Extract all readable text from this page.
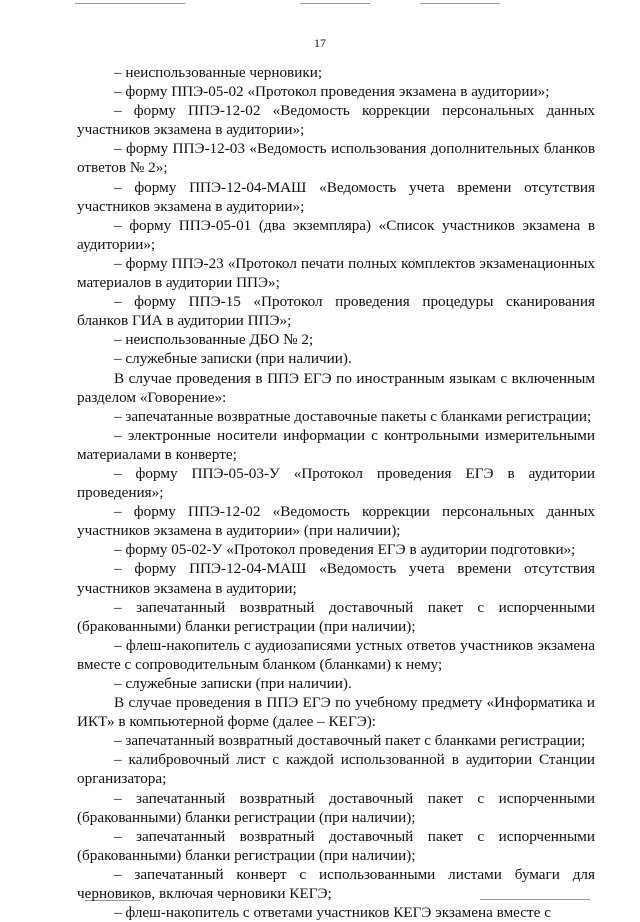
17

– неиспользованные черновики;

– форму ППЭ-05-02 «Протокол проведения экзамена в аудитории»;

– форму ППЭ-12-02 «Ведомость коррекции персональных данных участников экзамена в аудитории»;

– форму ППЭ-12-03 «Ведомость использования дополнительных бланков ответов № 2»;

– форму ППЭ-12-04-МАШ «Ведомость учета времени отсутствия участников экзамена в аудитории»;

– форму ППЭ-05-01 (два экземпляра) «Список участников экзамена в аудитории»;

– форму ППЭ-23 «Протокол печати полных комплектов экзаменационных материалов в аудитории ППЭ»;

– форму ППЭ-15 «Протокол проведения процедуры сканирования бланков ГИА в аудитории ППЭ»;

– неиспользованные ДБО № 2;

– служебные записки (при наличии).

В случае проведения в ППЭ ЕГЭ по иностранным языкам с включенным разделом «Говорение»:

– запечатанные возвратные доставочные пакеты с бланками регистрации;

– электронные носители информации с контрольными измерительными материалами в конверте;

– форму ППЭ-05-03-У «Протокол проведения ЕГЭ в аудитории проведения»;

– форму ППЭ-12-02 «Ведомость коррекции персональных данных участников экзамена в аудитории» (при наличии);

– форму 05-02-У «Протокол проведения ЕГЭ в аудитории подготовки»;

– форму ППЭ-12-04-МАШ «Ведомость учета времени отсутствия участников экзамена в аудитории;

– запечатанный возвратный доставочный пакет с испорченными (бракованными) бланки регистрации (при наличии);

– флеш-накопитель с аудиозаписями устных ответов участников экзамена вместе с сопроводительным бланком (бланками) к нему;

– служебные записки (при наличии).

В случае проведения в ППЭ ЕГЭ по учебному предмету «Информатика и ИКТ» в компьютерной форме (далее – КЕГЭ):

– запечатанный возвратный доставочный пакет с бланками регистрации;

– калибровочный лист с каждой использованной в аудитории Станции организатора;

– запечатанный возвратный доставочный пакет с испорченными (бракованными) бланки регистрации (при наличии);

– запечатанный возвратный доставочный пакет с испорченными (бракованными) бланки регистрации (при наличии);

– запечатанный конверт с использованными листами бумаги для черновиков, включая черновики КЕГЭ;

– флеш-накопитель с ответами участников КЕГЭ экзамена вместе с
